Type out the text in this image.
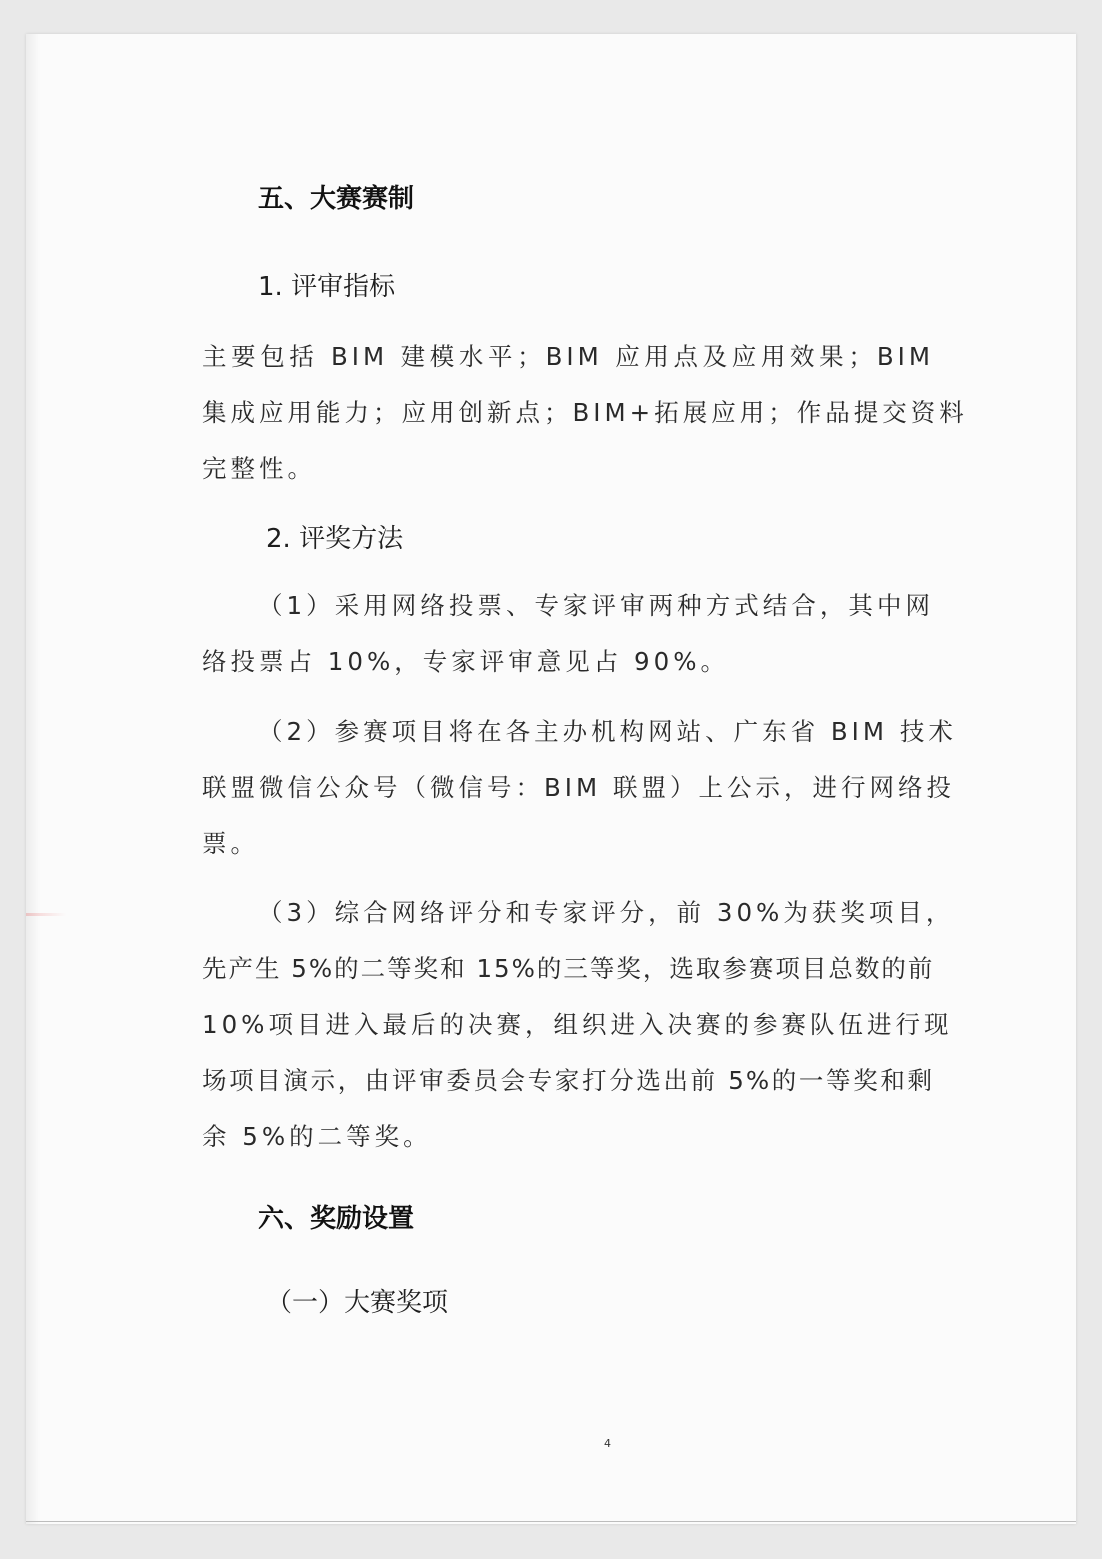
五、大赛赛制

1. 评审指标

主要包括 BIM 建模水平；BIM 应用点及应用效果；BIM

集成应用能力；应用创新点；BIM+拓展应用；作品提交资料

完整性。

2. 评奖方法

（1）采用网络投票、专家评审两种方式结合，其中网

络投票占 10%，专家评审意见占 90%。

（2）参赛项目将在各主办机构网站、广东省 BIM 技术

联盟微信公众号（微信号：BIM 联盟）上公示，进行网络投

票。

（3）综合网络评分和专家评分，前 30%为获奖项目，

先产生 5%的二等奖和 15%的三等奖，选取参赛项目总数的前

10%项目进入最后的决赛，组织进入决赛的参赛队伍进行现

场项目演示，由评审委员会专家打分选出前 5%的一等奖和剩

余 5%的二等奖。

六、奖励设置

（一）大赛奖项

4
